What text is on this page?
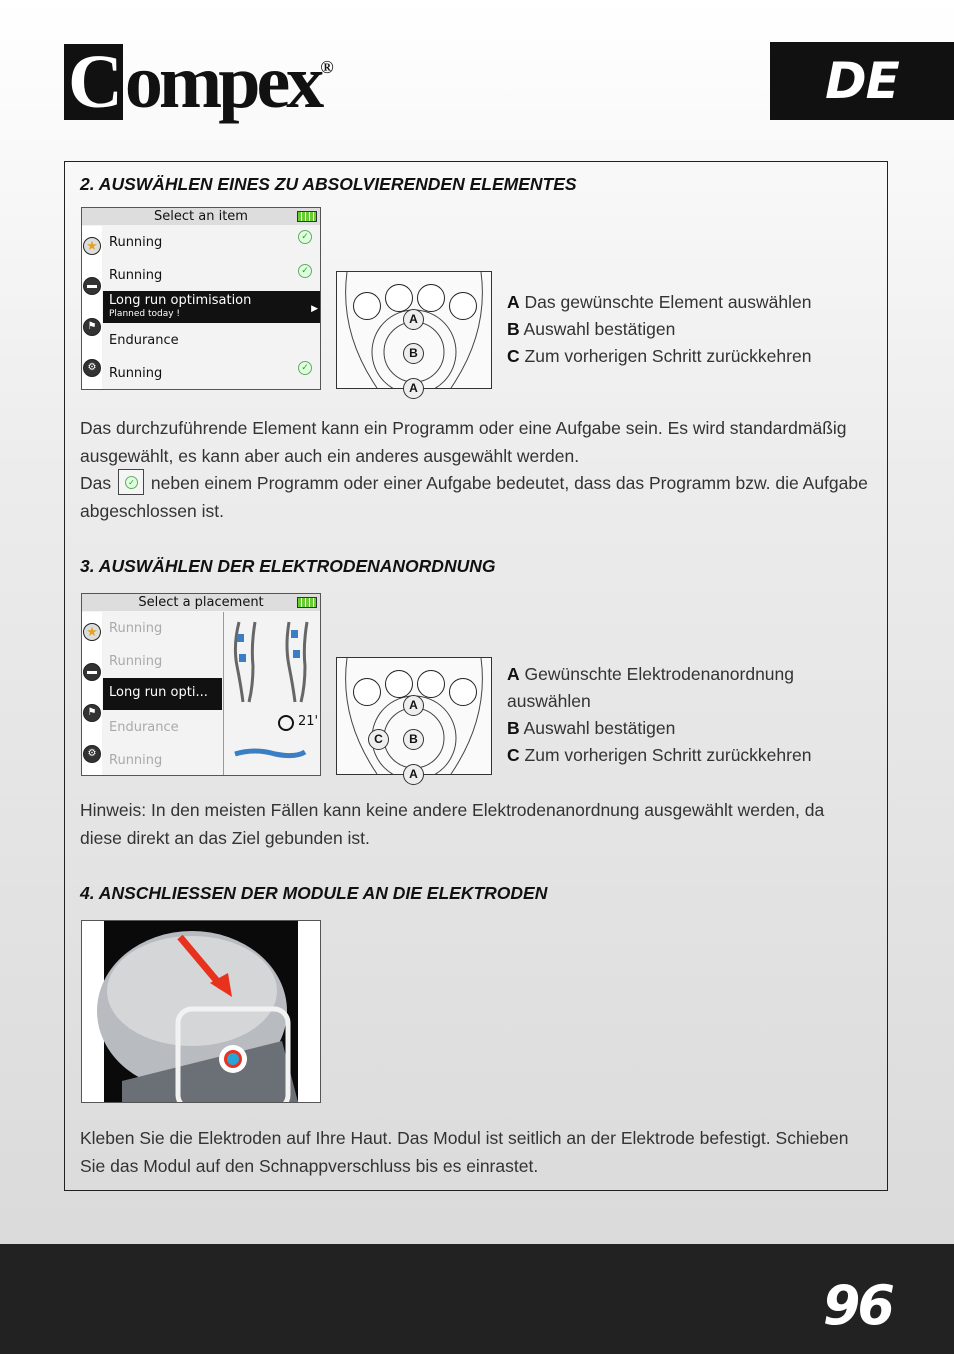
Compex®	DE
2. AUSWÄHLEN EINES ZU ABSOLVIERENDEN ELEMENTES
Select an item
★
▬
⚑
⚙
Running	✓
Running	✓
Long run optimisation
Planned today !	▶
Endurance
Running	✓
A
B
A
A Das gewünschte Element auswählen
B Auswahl bestätigen
C Zum vorherigen Schritt zurückkehren
Das durchzuführende Element kann ein Programm oder eine Aufgabe sein. Es wird standardmäßig ausgewählt, es kann aber auch ein anderes ausgewählt werden.
Das	✓ neben einem Programm oder einer Aufgabe bedeutet, dass das Programm bzw. die Aufgabe abgeschlossen ist.
3. AUSWÄHLEN DER ELEKTRODENANORDNUNG
Select a placement
★
▬
⚑
⚙
Running
Running
Long run opti...
Endurance
Running
21'
A
C	B
A
A Gewünschte Elektrodenanordnung auswählen
B Auswahl bestätigen
C Zum vorherigen Schritt zurückkehren
Hinweis: In den meisten Fällen kann keine andere Elektrodenanordnung ausgewählt werden, da diese direkt an das Ziel gebunden ist.
4. ANSCHLIESSEN DER MODULE AN DIE ELEKTRODEN
Kleben Sie die Elektroden auf Ihre Haut. Das Modul ist seitlich an der Elektrode befestigt. Schieben Sie das Modul auf den Schnappverschluss bis es einrastet.
96
